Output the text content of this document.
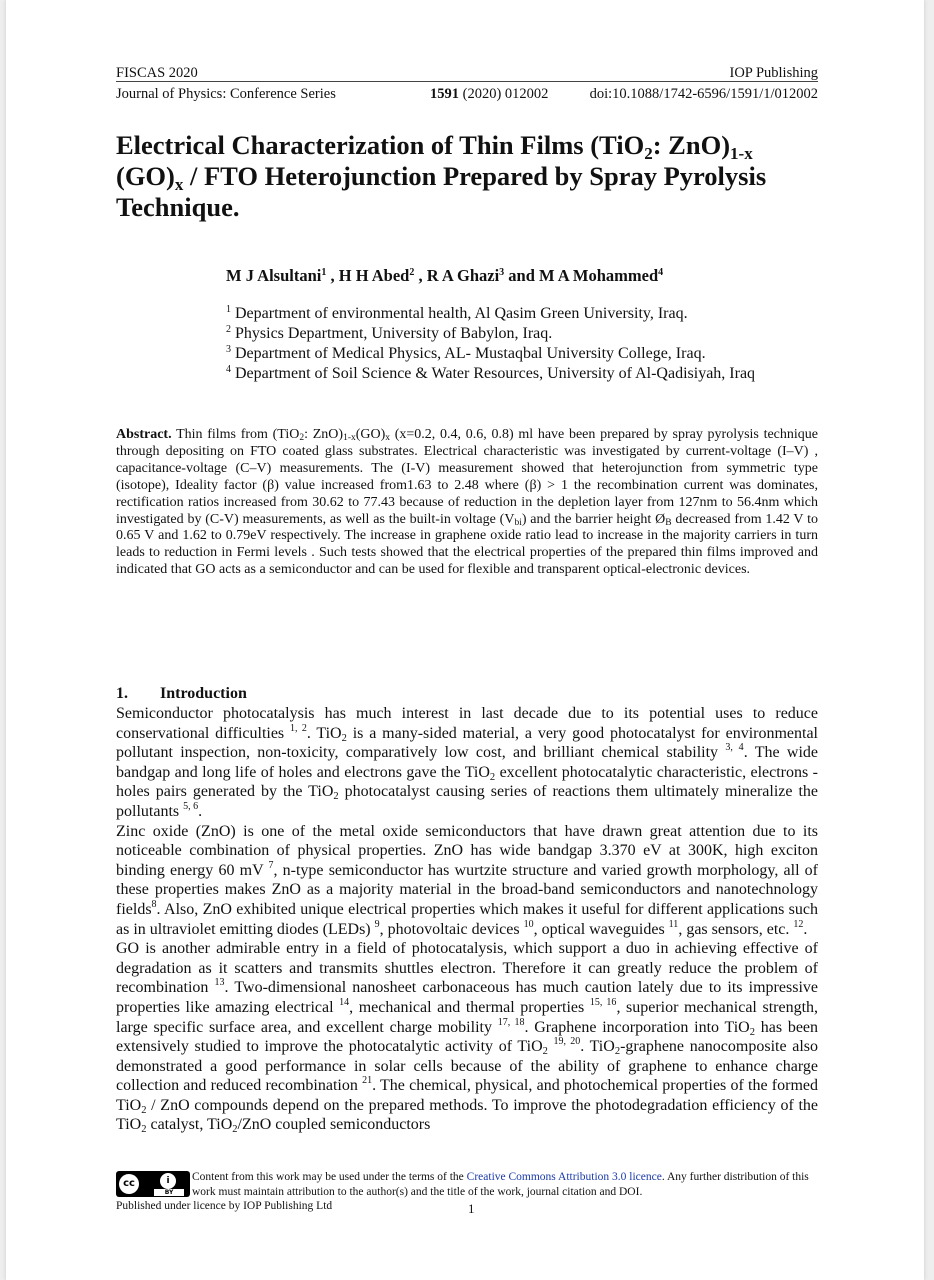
FISCAS 2020	IOP Publishing
Journal of Physics: Conference Series	1591 (2020) 012002	doi:10.1088/1742-6596/1591/1/012002
Electrical Characterization of Thin Films (TiO$_2$: $ZnO)_{1-x}$
$(GO)_x$ / FTO Heterojunction Prepared by Spray Pyrolysis Technique.
M J Alsultani$^1$ , H H Abed$^2$ , R A Ghazi$^3$ and M A Mohammed$^4$
$^1$ Department of environmental health, Al Qasim Green University, Iraq.
$^2$ Physics Department, University of Babylon, Iraq.
$^3$ Department of Medical Physics, AL- Mustaqbal University College, Iraq.
$^4$ Department of Soil Science & Water Resources, University of Al-Qadisiyah, Iraq
Abstract. Thin films from (TiO$_2$: $ZnO)_{1-x}(GO)_x$ (x=0.2, 0.4, 0.6, 0.8) ml have been prepared by spray pyrolysis technique through depositing on FTO coated glass substrates. Electrical characteristic was investigated by current-voltage (I–V) , capacitance-voltage (C–V) measurements. The (I-V) measurement showed that heterojunction from symmetric type (isotope), Ideality factor (β) value increased from1.63 to 2.48 where (β) > 1 the recombination current was dominates, rectification ratios increased from 30.62 to 77.43 because of reduction in the depletion layer from 127nm to 56.4nm which investigated by (C-V) measurements, as well as the built-in voltage $(V_{bi})$ and the barrier height $Ø_B$ decreased from 1.42 V to 0.65 V and 1.62 to 0.79eV respectively. The increase in graphene oxide ratio lead to increase in the majority carriers in turn leads to reduction in Fermi levels . Such tests showed that the electrical properties of the prepared thin films improved and indicated that GO acts as a semiconductor and can be used for flexible and transparent optical-electronic devices.
1. Introduction

Semiconductor photocatalysis has much interest in last decade due to its potential uses to reduce conservational difficulties $^{1, 2}$. TiO$_2$ is a many-sided material, a very good photocatalyst for environmental pollutant inspection, non-toxicity, comparatively low cost, and brilliant chemical stability $^{3, 4}$. The wide bandgap and long life of holes and electrons gave the TiO$_2$ excellent photocatalytic characteristic, electrons - holes pairs generated by the TiO$_2$ photocatalyst causing series of reactions them ultimately mineralize the pollutants $^{5, 6}$.

Zinc oxide (ZnO) is one of the metal oxide semiconductors that have drawn great attention due to its noticeable combination of physical properties. ZnO has wide bandgap 3.370 eV at 300K, high exciton binding energy 60 mV $^7$, n-type semiconductor has wurtzite structure and varied growth morphology, all of these properties makes ZnO as a majority material in the broad-band semiconductors and nanotechnology fields$^8$. Also, ZnO exhibited unique electrical properties which makes it useful for different applications such as in ultraviolet emitting diodes (LEDs) $^9$, photovoltaic devices $^{10}$, optical waveguides $^{11}$, gas sensors, etc. $^{12}$.

GO is another admirable entry in a field of photocatalysis, which support a duo in achieving effective of degradation as it scatters and transmits shuttles electron. Therefore it can greatly reduce the problem of recombination $^{13}$. Two-dimensional nanosheet carbonaceous has much caution lately due to its impressive properties like amazing electrical $^{14}$, mechanical and thermal properties $^{15, 16}$, superior mechanical strength, large specific surface area, and excellent charge mobility $^{17, 18}$. Graphene incorporation into TiO$_2$ has been extensively studied to improve the photocatalytic activity of TiO$_2$ $^{19, 20}$. TiO$_2$-graphene nanocomposite also demonstrated a good performance in solar cells because of the ability of graphene to enhance charge collection and reduced recombination $^{21}$. The chemical, physical, and photochemical properties of the formed TiO$_2$ / ZnO compounds depend on the prepared methods. To improve the photodegradation efficiency of the TiO$_2$ catalyst, TiO$_2$/ZnO coupled semiconductors

cc	i
BY
Content from this work may be used under the terms of the Creative Commons Attribution 3.0 licence. Any further distribution of this work must maintain attribution to the author(s) and the title of the work, journal citation and DOI.
Published under licence by IOP Publishing Ltd	1
